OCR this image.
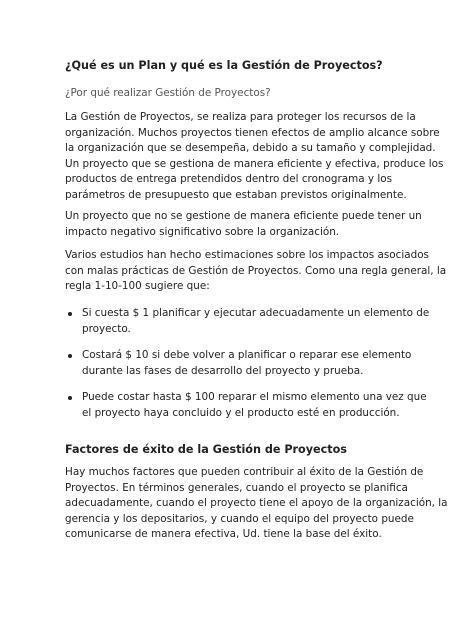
¿Qué es un Plan y qué es la Gestión de Proyectos?
¿Por qué realizar Gestión de Proyectos?
La Gestión de Proyectos, se realiza para proteger los recursos de la
organización. Muchos proyectos tienen efectos de amplio alcance sobre
la organización que se desempeña, debido a su tamaño y complejidad.
Un proyecto que se gestiona de manera eficiente y efectiva, produce los
productos de entrega pretendidos dentro del cronograma y los
parámetros de presupuesto que estaban previstos originalmente.
Un proyecto que no se gestione de manera eficiente puede tener un
impacto negativo significativo sobre la organización.
Varios estudios han hecho estimaciones sobre los impactos asociados
con malas prácticas de Gestión de Proyectos. Como una regla general, la
regla 1-10-100 sugiere que:
Si cuesta $ 1 planificar y ejecutar adecuadamente un elemento de
proyecto.
Costará $ 10 si debe volver a planificar o reparar ese elemento
durante las fases de desarrollo del proyecto y prueba.
Puede costar hasta $ 100 reparar el mismo elemento una vez que
el proyecto haya concluido y el producto esté en producción.
Factores de éxito de la Gestión de Proyectos
Hay muchos factores que pueden contribuir al éxito de la Gestión de
Proyectos. En términos generales, cuando el proyecto se planifica
adecuadamente, cuando el proyecto tiene el apoyo de la organización, la
gerencia y los depositarios, y cuando el equipo del proyecto puede
comunicarse de manera efectiva, Ud. tiene la base del éxito.
